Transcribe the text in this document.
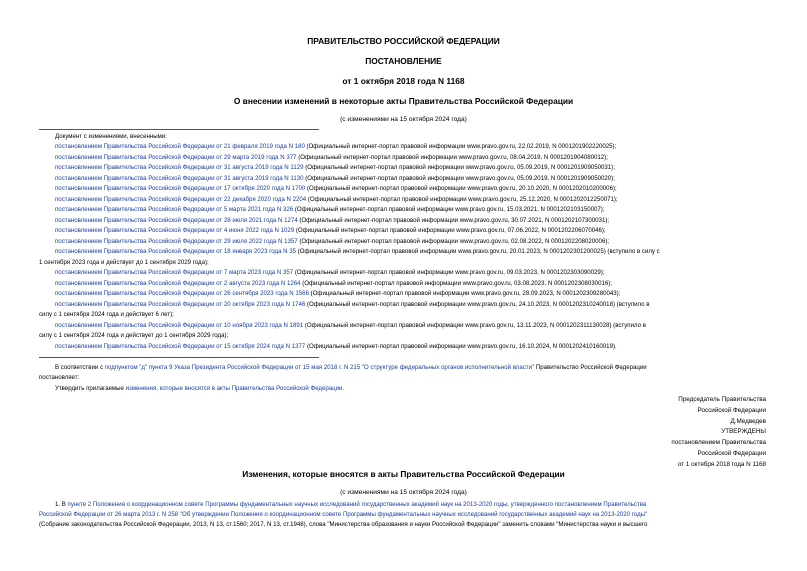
ПРАВИТЕЛЬСТВО РОССИЙСКОЙ ФЕДЕРАЦИИ
ПОСТАНОВЛЕНИЕ
от 1 октября 2018 года N 1168
О внесении изменений в некоторые акты Правительства Российской Федерации
(с изменениями на 15 октября 2024 года)
Документ с изменениями, внесенными:
постановлением Правительства Российской Федерации от 21 февраля 2019 года N 180 (Официальный интернет-портал правовой информации www.pravo.gov.ru, 22.02.2019, N 0001201902220025);
постановлением Правительства Российской Федерации от 29 марта 2019 года N 377 (Официальный интернет-портал правовой информации www.pravo.gov.ru, 08.04.2019, N 0001201904080012);
постановлением Правительства Российской Федерации от 31 августа 2019 года N 1129 (Официальный интернет-портал правовой информации www.pravo.gov.ru, 05.09.2019, N 0001201909050031);
постановлением Правительства Российской Федерации от 31 августа 2019 года N 1130 (Официальный интернет-портал правовой информации www.pravo.gov.ru, 05.09.2019, N 0001201909050020);
постановлением Правительства Российской Федерации от 17 октября 2020 года N 1700 (Официальный интернет-портал правовой информации www.pravo.gov.ru, 20.10.2020, N 0001202010200006);
постановлением Правительства Российской Федерации от 22 декабря 2020 года N 2204 (Официальный интернет-портал правовой информации www.pravo.gov.ru, 25.12.2020, N 0001202012250071);
постановлением Правительства Российской Федерации от 5 марта 2021 года N 326 (Официальный интернет-портал правовой информации www.pravo.gov.ru, 15.03.2021, N 0001202103150007);
постановлением Правительства Российской Федерации от 28 июля 2021 года N 1274 (Официальный интернет-портал правовой информации www.pravo.gov.ru, 30.07.2021, N 0001202107300031);
постановлением Правительства Российской Федерации от 4 июня 2022 года N 1029 (Официальный интернет-портал правовой информации www.pravo.gov.ru, 07.06.2022, N 0001202206070046);
постановлением Правительства Российской Федерации от 29 июля 2022 года N 1357 (Официальный интернет-портал правовой информации www.pravo.gov.ru, 02.08.2022, N 0001202208020006);
постановлением Правительства Российской Федерации от 18 января 2023 года N 35 (Официальный интернет-портал правовой информации www.pravo.gov.ru, 20.01.2023, N 0001202301200025) (вступило в силу с
1 сентября 2023 года и действует до 1 сентября 2029 года);
постановлением Правительства Российской Федерации от 7 марта 2023 года N 357 (Официальный интернет-портал правовой информации www.pravo.gov.ru, 09.03.2023, N 0001202303090029);
постановлением Правительства Российской Федерации от 2 августа 2023 года N 1264 (Официальный интернет-портал правовой информации www.pravo.gov.ru, 03.08.2023, N 0001202308030016);
постановлением Правительства Российской Федерации от 26 сентября 2023 года N 1566 (Официальный интернет-портал правовой информации www.pravo.gov.ru, 28.09.2023, N 0001202309280043);
постановлением Правительства Российской Федерации от 20 октября 2023 года N 1746 (Официальный интернет-портал правовой информации www.pravo.gov.ru, 24.10.2023, N 0001202310240018) (вступило в
силу с 1 сентября 2024 года и действует 6 лет);
постановлением Правительства Российской Федерации от 10 ноября 2023 года N 1891 (Официальный интернет-портал правовой информации www.pravo.gov.ru, 13.11.2023, N 0001202311130028) (вступило в
силу с 1 сентября 2024 года и действует до 1 сентября 2029 года);
постановлением Правительства Российской Федерации от 15 октября 2024 года N 1377 (Официальный интернет-портал правовой информации www.pravo.gov.ru, 16.10.2024, N 0001202410160019).
В соответствии с подпунктом "д" пункта 9 Указа Президента Российской Федерации от 15 мая 2018 г. N 215 "О структуре федеральных органов исполнительной власти" Правительство Российской Федерации
постановляет:
Утвердить прилагаемые изменения, которые вносятся в акты Правительства Российской Федерации.
Председатель Правительства
Российской Федерации
Д.Медведев
УТВЕРЖДЕНЫ
постановлением Правительства
Российской Федерации
от 1 октября 2018 года N 1168
Изменения, которые вносятся в акты Правительства Российской Федерации
(с изменениями на 15 октября 2024 года)
1. В пункте 2 Положения о координационном совете Программы фундаментальных научных исследований государственных академий наук на 2013-2020 годы, утвержденного постановлением Правительства
Российской Федерации от 26 марта 2013 г. N 258 "Об утверждении Положения о координационном совете Программы фундаментальных научных исследований государственных академий наук на 2013-2020 годы"
(Собрание законодательства Российской Федерации, 2013, N 13, ст.1560; 2017, N 13, ст.1948), слова "Министерства образования и науки Российской Федерации" заменить словами "Министерства науки и высшего
